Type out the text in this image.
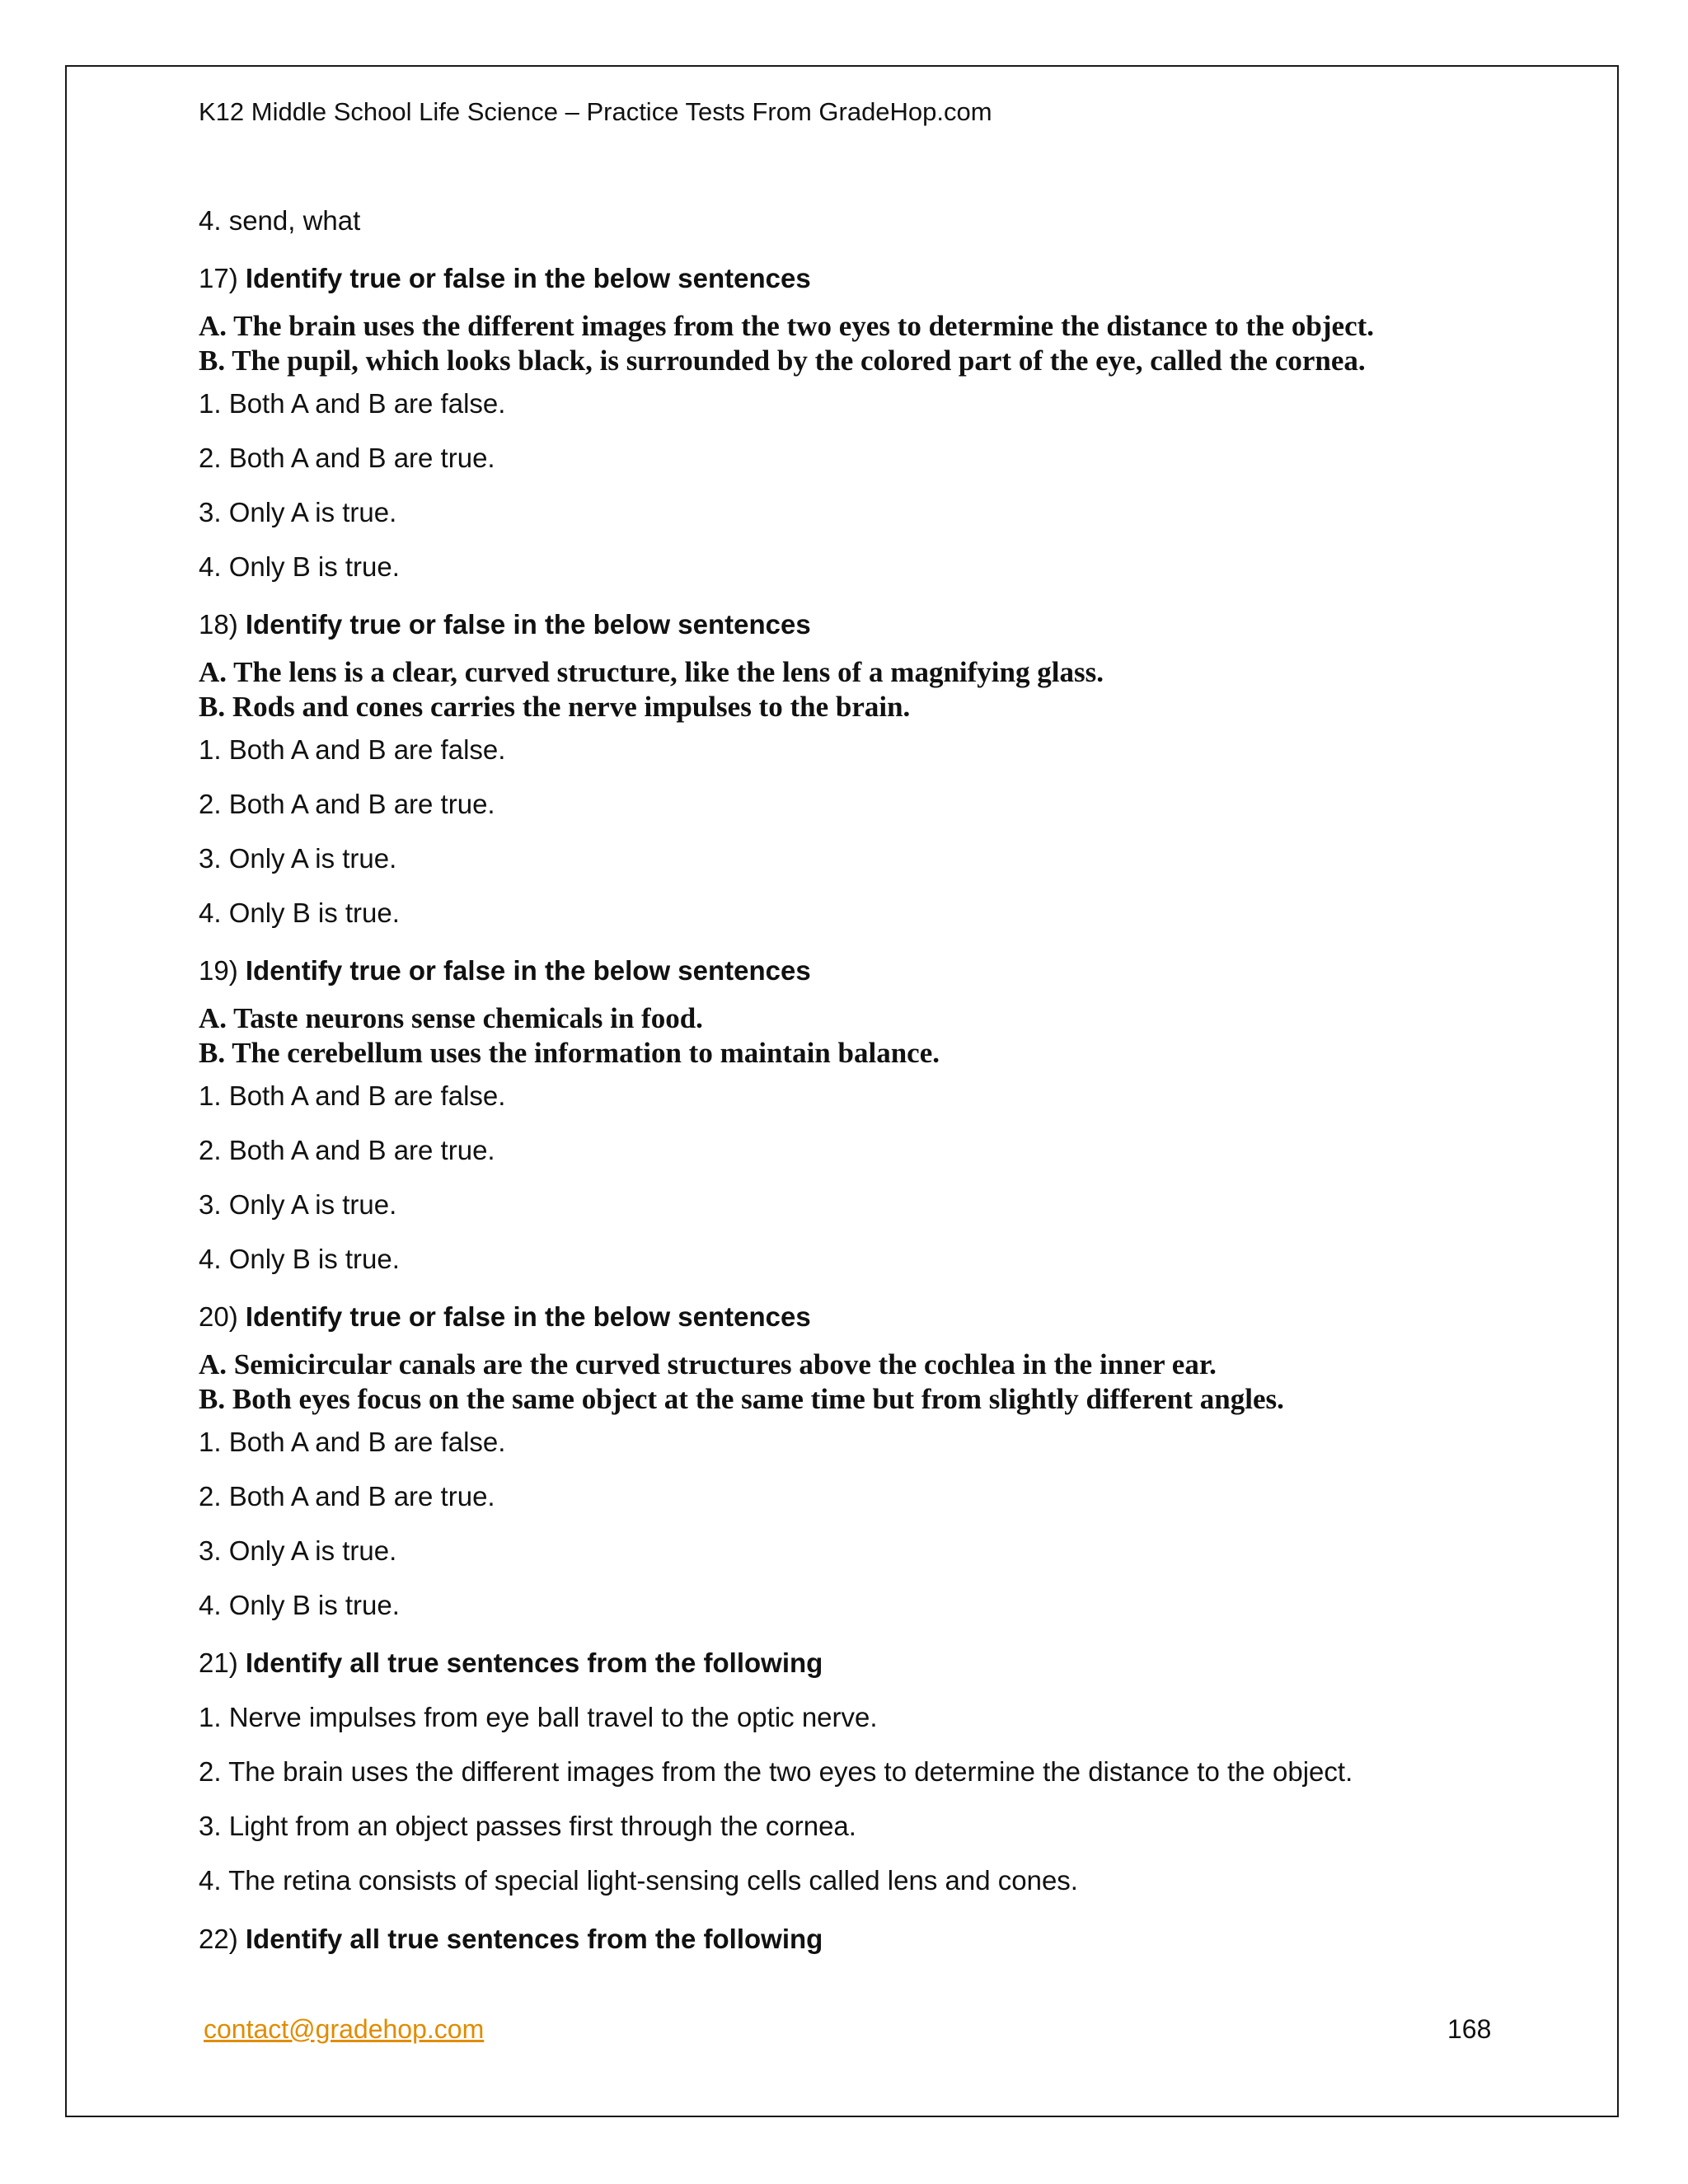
K12 Middle School Life Science – Practice Tests From GradeHop.com
4. send, what
17) Identify true or false in the below sentences
A. The brain uses the different images from the two eyes to determine the distance to the object.
B. The pupil, which looks black, is surrounded by the colored part of the eye, called the cornea.
1. Both A and B are false.
2. Both A and B are true.
3. Only A is true.
4. Only B is true.
18) Identify true or false in the below sentences
A. The lens is a clear, curved structure, like the lens of a magnifying glass.
B. Rods and cones carries the nerve impulses to the brain.
1. Both A and B are false.
2. Both A and B are true.
3. Only A is true.
4. Only B is true.
19) Identify true or false in the below sentences
A. Taste neurons sense chemicals in food.
B. The cerebellum uses the information to maintain balance.
1. Both A and B are false.
2. Both A and B are true.
3. Only A is true.
4. Only B is true.
20) Identify true or false in the below sentences
A. Semicircular canals are the curved structures above the cochlea in the inner ear.
B. Both eyes focus on the same object at the same time but from slightly different angles.
1. Both A and B are false.
2. Both A and B are true.
3. Only A is true.
4. Only B is true.
21) Identify all true sentences from the following
1. Nerve impulses from eye ball travel to the optic nerve.
2. The brain uses the different images from the two eyes to determine the distance to the object.
3. Light from an object passes first through the cornea.
4. The retina consists of special light-sensing cells called lens and cones.
22) Identify all true sentences from the following
contact@gradehop.com	168
